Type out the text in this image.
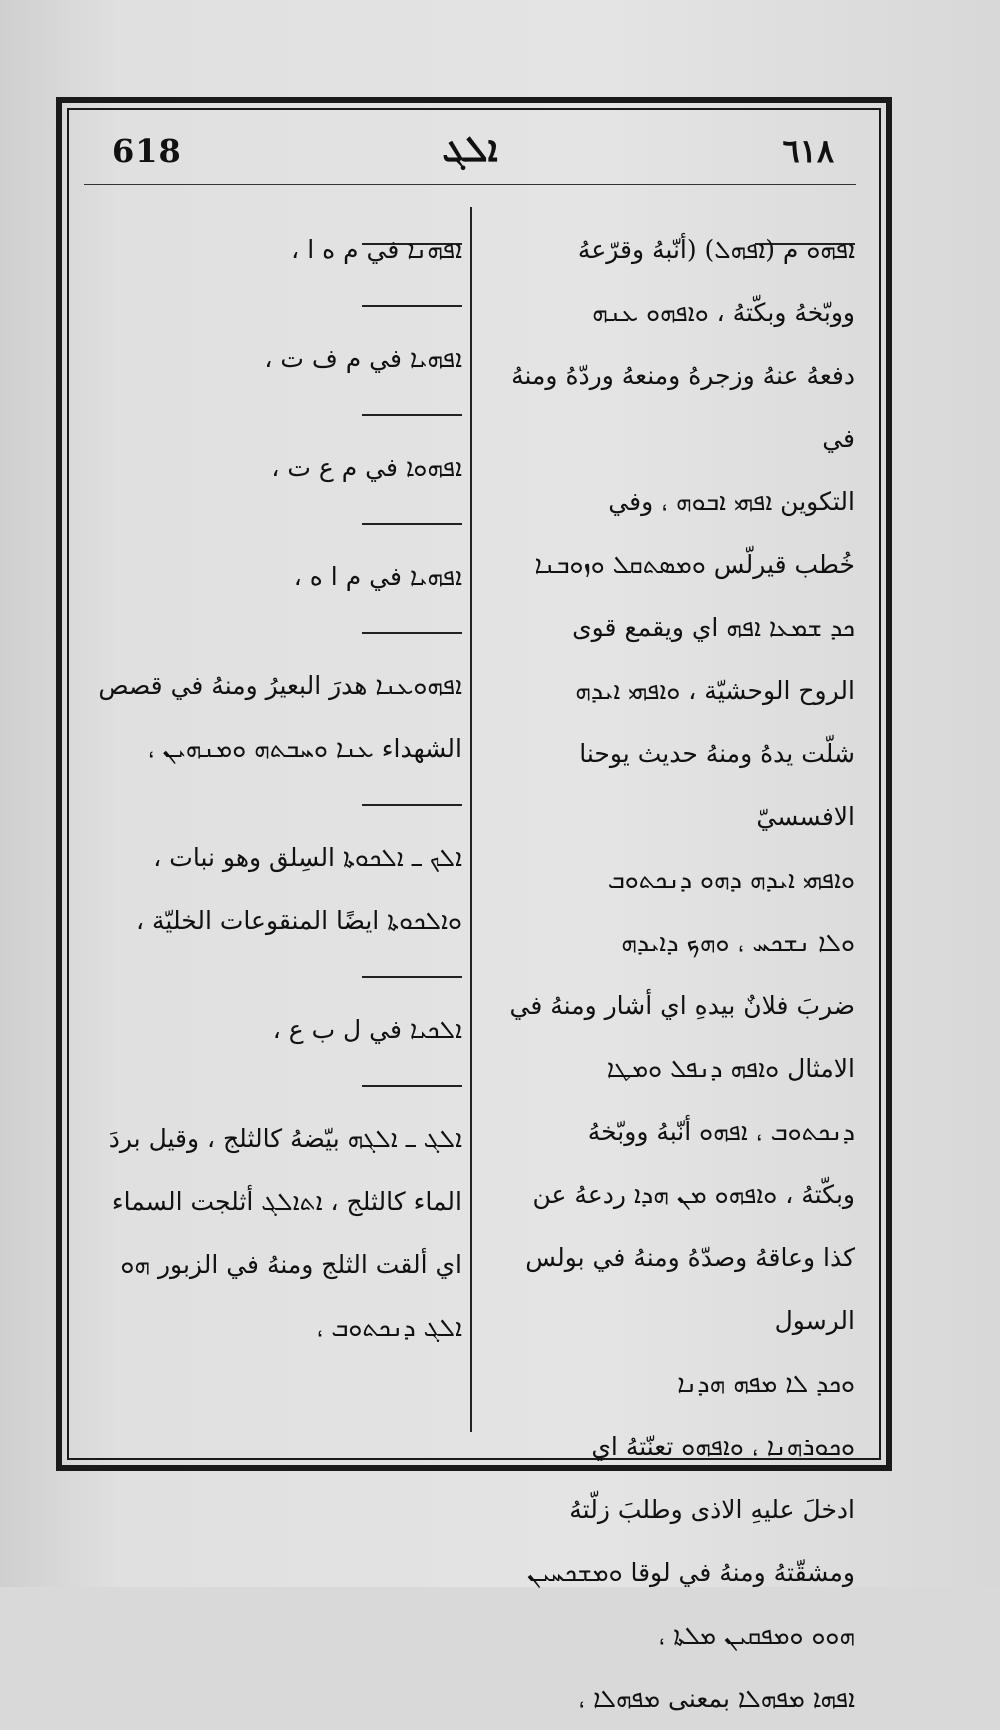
618	ܐܠܓ	٦١٨

ܐܦܗܘ م (ܐܦܗܠ) (أنّبهُ وقرّعهُ

ووبّخهُ وبكّتهُ ، ܘܐܦܗܘ ܥܢܗ

دفعهُ عنهُ وزجرهُ ومنعهُ وردّهُ ومنهُ في

التكوين ܐܦܗܝ ܐܒܘܗ ، وفي

خُطب قيرلّس ܘܡܣܬܩܠ ܘܙܘܒܢܐ

ܟܕ ܫܡܥܐ ܐܦܗ اي ويقمع قوى

الروح الوحشيّة ، ܘܐܦܗܝ ܐܝܕܗ

شلّت يدهُ ومنهُ حديث يوحنا الافسسيّ

ܘܐܦܗܝ ܐܝܕܗ ܕܗܘ ܕܢܟܬܘܒ

ܘܠܐ ܢܫܟܚ ، ܘܗܟ ܕܐܝܕܗ

ضربَ فلانٌ بيدهِ اي أشار ومنهُ في

الامثال ܘܐܦܗ ܕܢܦܠ ܘܡܛܐ

ܕܢܟܬܘܒ ، ܐܦܗܘ أنّبهُ ووبّخهُ

وبكّتهُ ، ܘܐܦܗܘ ܡܢ ܗܕܐ ردعهُ عن

كذا وعاقهُ وصدّهُ ومنهُ في بولس الرسول

ܘܟܕ ܠܐ ܡܦܗ ܗܕܢܐ

ܘܟܘܪܗܢܐ ، ܘܐܦܗܘ تعنّتهُ اي

ادخلَ عليهِ الاذى وطلبَ زلّتهُ

ومشقّتهُ ومنهُ في لوقا ܘܡܫܟܚܝܢ

ܗܘܘ ܘܡܦܩܝܢ ܡܠܬܐ ،

ܐܦܗܐ ܡܦܗܠܐ بمعنى ܡܦܗܠܐ ،

ܐܦܗܢܐ في م ه ا ،

ܐܦܗܝܐ في م ف ت ،

ܐܦܗܘܐ في م ع ت ،

ܐܦܗܝܐ في م ا ه ،

ܐܦܗܘܥܢܐ هدرَ البعيرُ ومنهُ في قصص الشهداء ܥܢܐ ܘܚܒܬܗ ܘܡܢܗܝܢ ،

ܐܠܟ ـ ܐܠܟܘܬܐ السِلق وهو نبات ، ܘܐܠܟܘܬܐ ايضًا المنقوعات الخليّة ،

ܐܠܟܝܐ في ل ب ع ،

ܐܠܓ ـ ܐܠܓܗ بيّضهُ كالثلج ، وقيل بردَ الماء كالثلج ، ܐܬܐܠܓ أثلجت السماء اي ألقت الثلج ومنهُ في الزبور ܗܘ ܐܠܓ ܕܢܟܬܘܒ ،
